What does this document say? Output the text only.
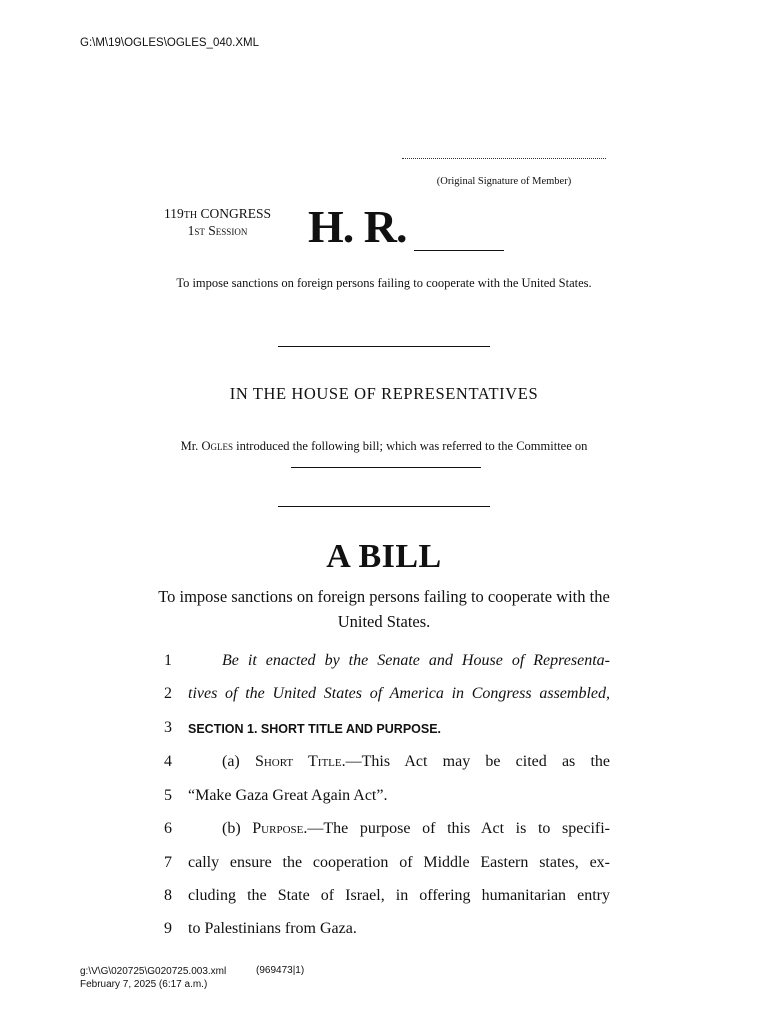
G:\M\19\OGLES\OGLES_040.XML
(Original Signature of Member)
119TH CONGRESS
1st Session	H. R.
To impose sanctions on foreign persons failing to cooperate with the United States.
IN THE HOUSE OF REPRESENTATIVES
Mr. Ogles introduced the following bill; which was referred to the Committee on
A BILL
To impose sanctions on foreign persons failing to cooperate with the United States.
1	Be it enacted by the Senate and House of Representa-
2 tives of the United States of America in Congress assembled,
3	SECTION 1. SHORT TITLE AND PURPOSE.
4	(a) Short Title.—This Act may be cited as the
5 “Make Gaza Great Again Act”.
6	(b) Purpose.—The purpose of this Act is to specifi-
7 cally ensure the cooperation of Middle Eastern states, ex-
8 cluding the State of Israel, in offering humanitarian entry
9 to Palestinians from Gaza.
g:\V\G\020725\G020725.003.xml
February 7, 2025 (6:17 a.m.)
(969473|1)
